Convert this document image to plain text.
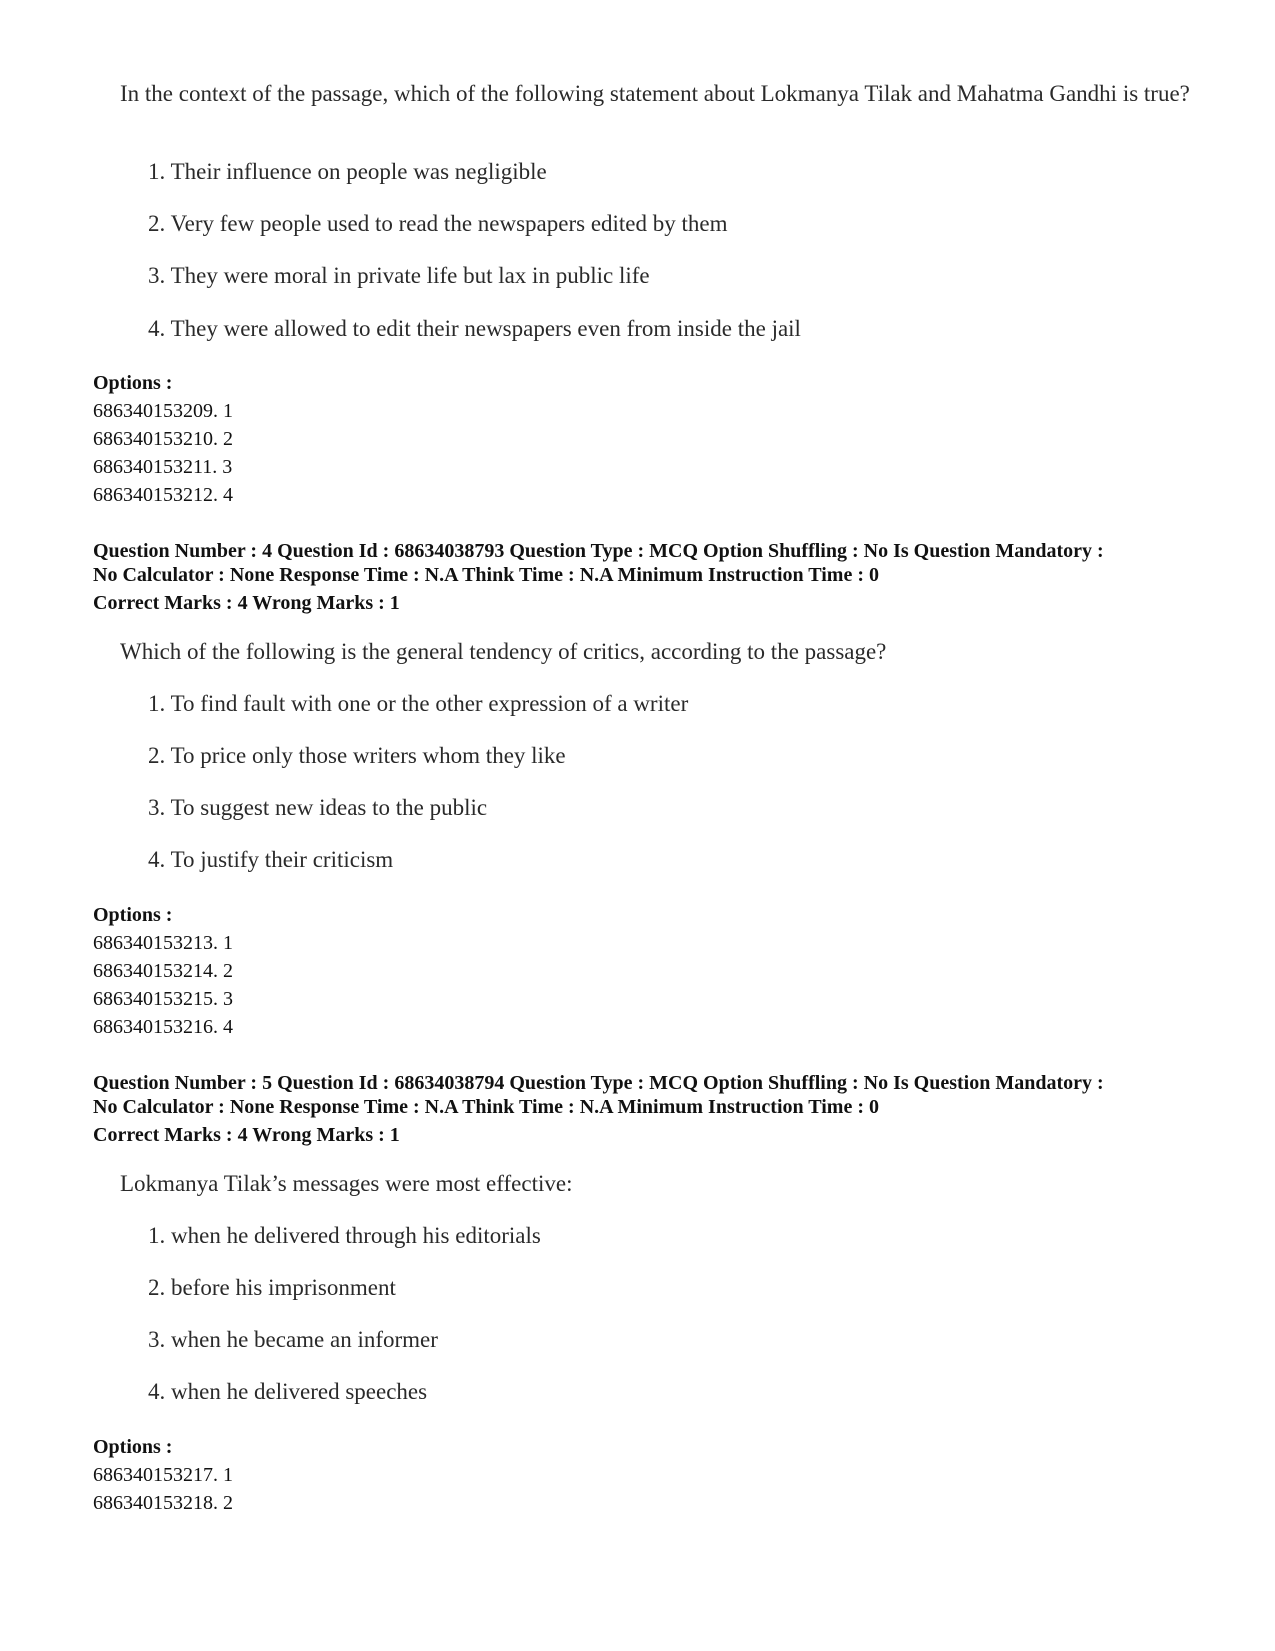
In the context of the passage, which of the following statement about Lokmanya Tilak and Mahatma Gandhi is true?
1. Their influence on people was negligible
2. Very few people used to read the newspapers edited by them
3. They were moral in private life but lax in public life
4. They were allowed to edit their newspapers even from inside the jail
Options :
686340153209. 1
686340153210. 2
686340153211. 3
686340153212. 4
Question Number : 4 Question Id : 68634038793 Question Type : MCQ Option Shuffling : No Is Question Mandatory :
No Calculator : None Response Time : N.A Think Time : N.A Minimum Instruction Time : 0
Correct Marks : 4 Wrong Marks : 1
Which of the following is the general tendency of critics, according to the passage?
1. To find fault with one or the other expression of a writer
2. To price only those writers whom they like
3. To suggest new ideas to the public
4. To justify their criticism
Options :
686340153213. 1
686340153214. 2
686340153215. 3
686340153216. 4
Question Number : 5 Question Id : 68634038794 Question Type : MCQ Option Shuffling : No Is Question Mandatory :
No Calculator : None Response Time : N.A Think Time : N.A Minimum Instruction Time : 0
Correct Marks : 4 Wrong Marks : 1
Lokmanya Tilak’s messages were most effective:
1. when he delivered through his editorials
2. before his imprisonment
3. when he became an informer
4. when he delivered speeches
Options :
686340153217. 1
686340153218. 2
